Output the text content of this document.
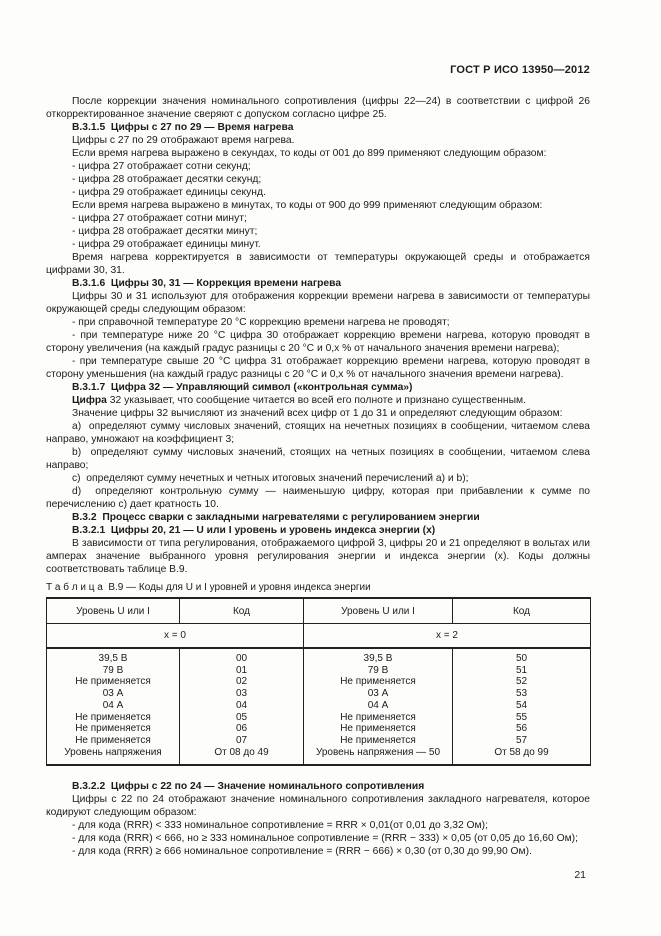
ГОСТ Р ИСО 13950—2012
После коррекции значения номинального сопротивления (цифры 22—24) в соответствии с цифрой 26 откорректированное значение сверяют с допуском согласно цифре 25.
В.3.1.5  Цифры с 27 по 29 — Время нагрева
Цифры с 27 по 29 отображают время нагрева.
Если время нагрева выражено в секундах, то коды от 001 до 899 применяют следующим образом:
- цифра 27 отображает сотни секунд;
- цифра 28 отображает десятки секунд;
- цифра 29 отображает единицы секунд.
Если время нагрева выражено в минутах, то коды от 900 до 999 применяют следующим образом:
- цифра 27 отображает сотни минут;
- цифра 28 отображает десятки минут;
- цифра 29 отображает единицы минут.
Время нагрева корректируется в зависимости от температуры окружающей среды и отображается цифрами 30, 31.
В.3.1.6  Цифры 30, 31 — Коррекция времени нагрева
Цифры 30 и 31 используют для отображения коррекции времени нагрева в зависимости от температуры окружающей среды следующим образом:
- при справочной температуре 20 °С коррекцию времени нагрева не проводят;
- при температуре ниже 20 °С цифра 30 отображает коррекцию времени нагрева, которую проводят в сторону увеличения (на каждый градус разницы с 20 °С и 0,х % от начального значения времени нагрева);
- при температуре свыше 20 °С цифра 31 отображает коррекцию времени нагрева, которую проводят в сторону уменьшения (на каждый градус разницы с 20 °С и 0,х % от начального значения времени нагрева).
В.3.1.7  Цифра 32 — Управляющий символ («контрольная сумма»)
Цифра 32 указывает, что сообщение читается во всей его полноте и признано существенным.
Значение цифры 32 вычисляют из значений всех цифр от 1 до 31 и определяют следующим образом:
a)  определяют сумму числовых значений, стоящих на нечетных позициях в сообщении, читаемом слева направо, умножают на коэффициент 3;
b)  определяют сумму числовых значений, стоящих на четных позициях в сообщении, читаемом слева направо;
c)  определяют сумму нечетных и четных итоговых значений перечислений a) и b);
d)  определяют контрольную сумму — наименьшую цифру, которая при прибавлении к сумме по перечислению c) дает кратность 10.
В.3.2  Процесс сварки с закладными нагревателями с регулированием энергии
В.3.2.1  Цифры 20, 21 — U или I уровень и уровень индекса энергии (х)
В зависимости от типа регулирования, отображаемого цифрой 3, цифры 20 и 21 определяют в вольтах или амперах значение выбранного уровня регулирования энергии и индекса энергии (х). Коды должны соответствовать таблице В.9.
Т а б л и ц а  В.9 — Коды для U и I уровней и уровня индекса энергии
Уровень U или I	Код	Уровень U или I	Код
х = 0		х = 2	
39,5 В	00	39,5 В	50
79 В	01	79 В	51
Не применяется	02	Не применяется	52
03 А	03	03 А	53
04 А	04	04 А	54
Не применяется	05	Не применяется	55
Не применяется	06	Не применяется	56
Не применяется	07	Не применяется	57
Уровень напряжения	От 08 до 49	Уровень напряжения — 50	От 58 до 99
В.3.2.2  Цифры с 22 по 24 — Значение номинального сопротивления
Цифры с 22 по 24 отображают значение номинального сопротивления закладного нагревателя, которое кодируют следующим образом:
- для кода (RRR) < 333 номинальное сопротивление = RRR × 0,01(от 0,01 до 3,32 Ом);
- для кода (RRR) < 666, но ≥ 333 номинальное сопротивление = (RRR − 333) × 0,05 (от 0,05 до 16,60 Ом);
- для кода (RRR) ≥ 666 номинальное сопротивление = (RRR − 666) × 0,30 (от 0,30 до 99,90 Ом).
21
